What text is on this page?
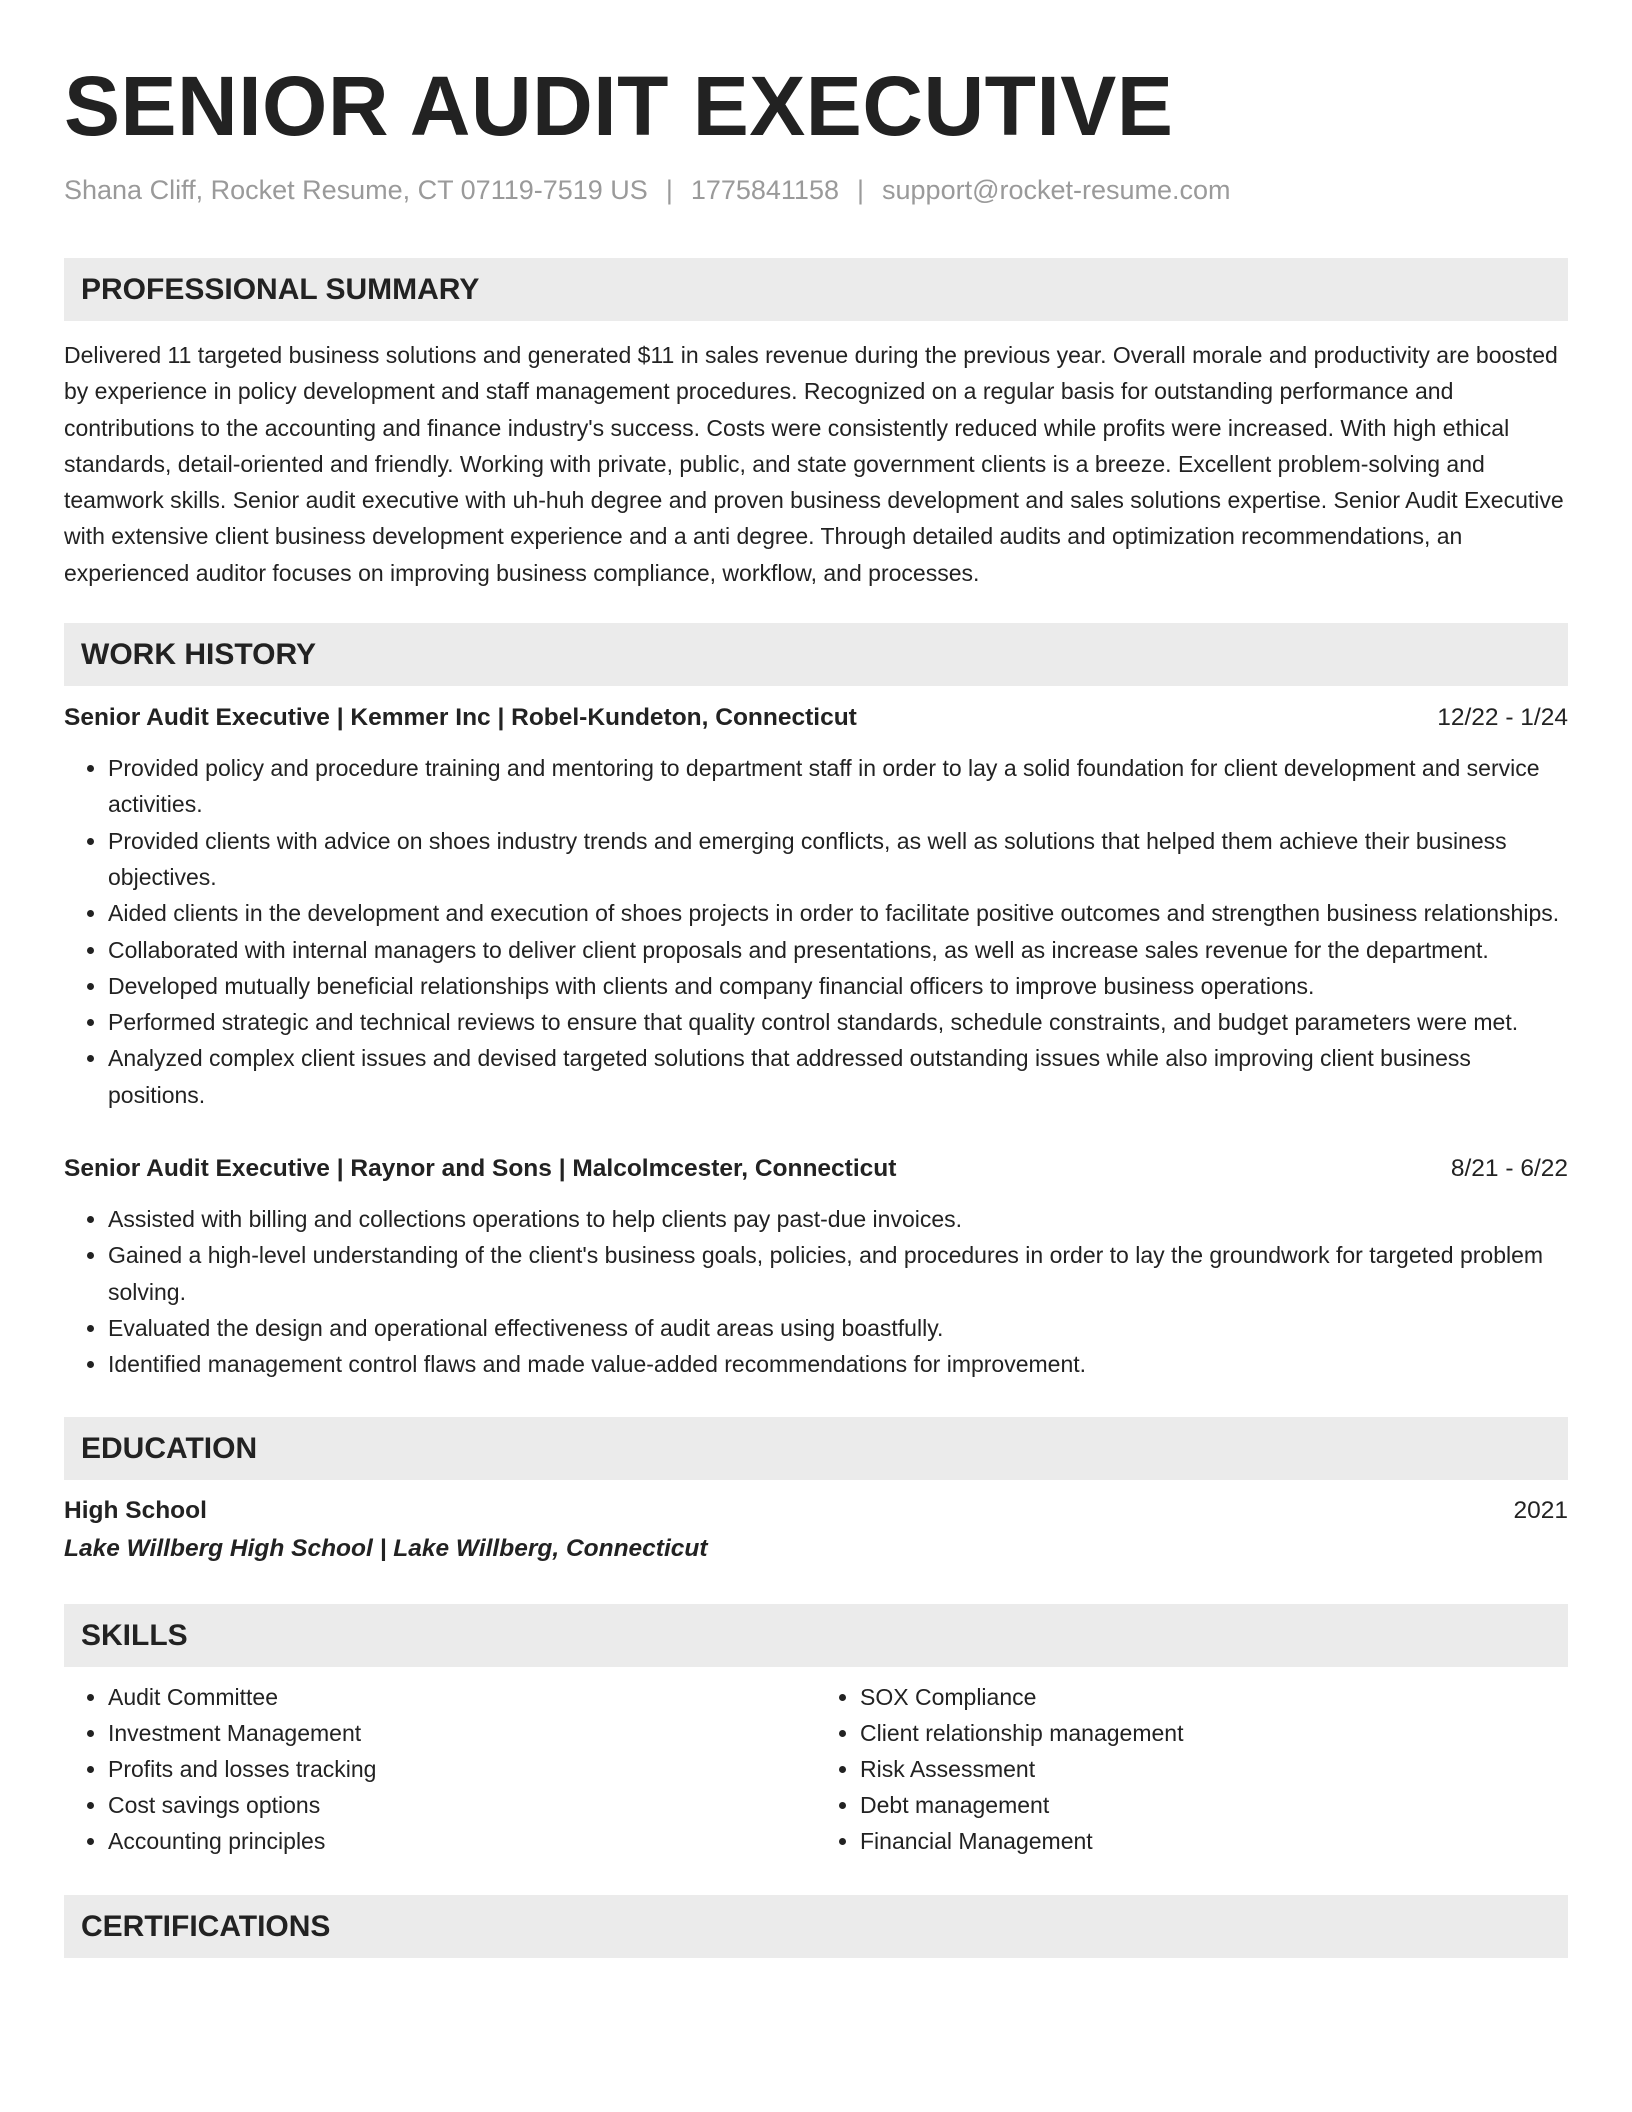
SENIOR AUDIT EXECUTIVE
Shana Cliff, Rocket Resume, CT 07119-7519 US | 1775841158 | support@rocket-resume.com
PROFESSIONAL SUMMARY

Delivered 11 targeted business solutions and generated $11 in sales revenue during the previous year. Overall morale and productivity are boosted by experience in policy development and staff management procedures. Recognized on a regular basis for outstanding performance and contributions to the accounting and finance industry's success. Costs were consistently reduced while profits were increased. With high ethical standards, detail-oriented and friendly. Working with private, public, and state government clients is a breeze. Excellent problem-solving and teamwork skills. Senior audit executive with uh-huh degree and proven business development and sales solutions expertise. Senior Audit Executive with extensive client business development experience and a anti degree. Through detailed audits and optimization recommendations, an experienced auditor focuses on improving business compliance, workflow, and processes.

WORK HISTORY
Senior Audit Executive | Kemmer Inc | Robel-Kundeton, Connecticut	12/22 - 1/24
• Provided policy and procedure training and mentoring to department staff in order to lay a solid foundation for client development and service activities.
• Provided clients with advice on shoes industry trends and emerging conflicts, as well as solutions that helped them achieve their business objectives.
• Aided clients in the development and execution of shoes projects in order to facilitate positive outcomes and strengthen business relationships.
• Collaborated with internal managers to deliver client proposals and presentations, as well as increase sales revenue for the department.
• Developed mutually beneficial relationships with clients and company financial officers to improve business operations.
• Performed strategic and technical reviews to ensure that quality control standards, schedule constraints, and budget parameters were met.
• Analyzed complex client issues and devised targeted solutions that addressed outstanding issues while also improving client business positions.
Senior Audit Executive | Raynor and Sons | Malcolmcester, Connecticut	8/21 - 6/22
• Assisted with billing and collections operations to help clients pay past-due invoices.
• Gained a high-level understanding of the client's business goals, policies, and procedures in order to lay the groundwork for targeted problem solving.
• Evaluated the design and operational effectiveness of audit areas using boastfully.
• Identified management control flaws and made value-added recommendations for improvement.
EDUCATION
High School	2021
Lake Willberg High School | Lake Willberg, Connecticut
SKILLS
• Audit Committee
• Investment Management
• Profits and losses tracking
• Cost savings options
• Accounting principles
• SOX Compliance
• Client relationship management
• Risk Assessment
• Debt management
• Financial Management
CERTIFICATIONS
